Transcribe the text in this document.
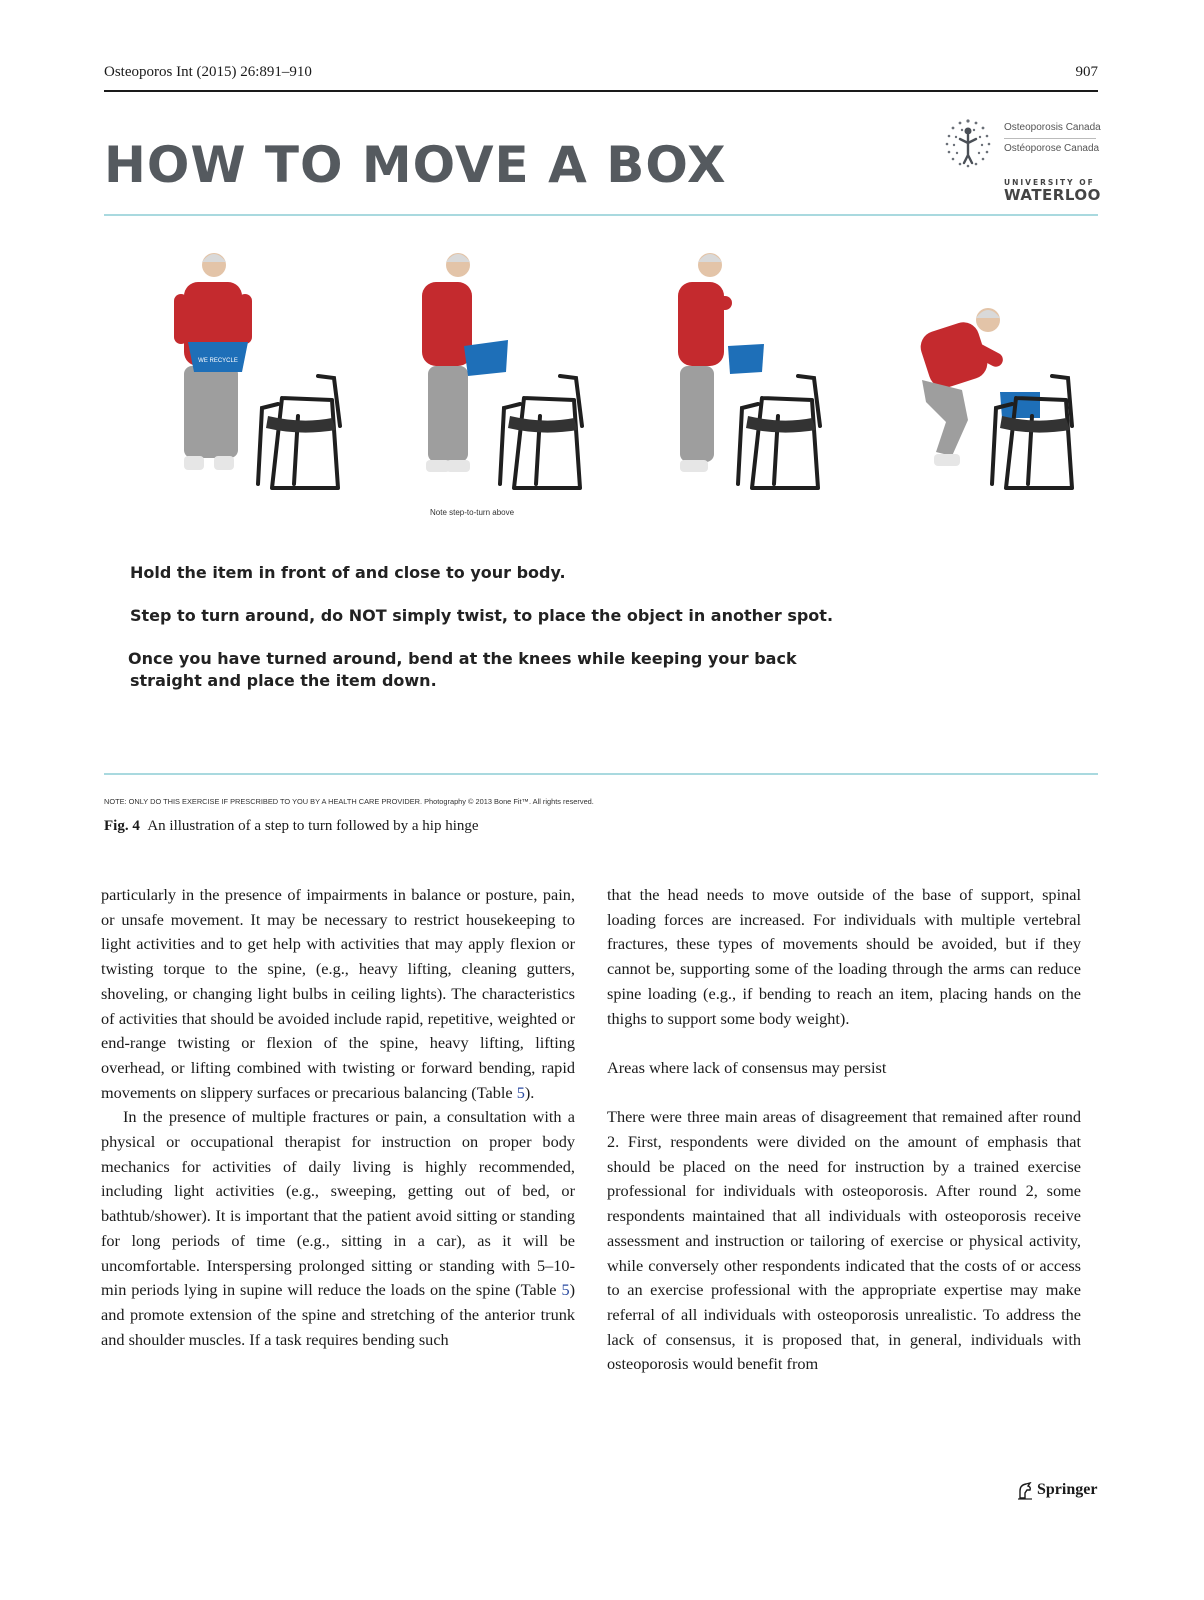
Osteoporos Int (2015) 26:891–910	907
HOW TO MOVE A BOX
Osteoporosis Canada
Ostéoporose Canada
UNIVERSITY OF
WATERLOO
WE RECYCLE
Note step-to-turn above
Hold the item in front of and close to your body.
Step to turn around, do NOT simply twist, to place the object in another spot.
Once you have turned around, bend at the knees while keeping your back
straight and place the item down.
NOTE: ONLY DO THIS EXERCISE IF PRESCRIBED TO YOU BY A HEALTH CARE PROVIDER. Photography © 2013 Bone Fit™. All rights reserved.
Fig. 4 An illustration of a step to turn followed by a hip hinge

particularly in the presence of impairments in balance or posture, pain, or unsafe movement. It may be necessary to restrict housekeeping to light activities and to get help with activities that may apply flexion or twisting torque to the spine, (e.g., heavy lifting, cleaning gutters, shoveling, or changing light bulbs in ceiling lights). The characteristics of activities that should be avoided include rapid, repetitive, weighted or end-range twisting or flexion of the spine, heavy lifting, lifting overhead, or lifting combined with twisting or forward bending, rapid movements on slippery surfaces or precarious balancing (Table 5).

In the presence of multiple fractures or pain, a consultation with a physical or occupational therapist for instruction on proper body mechanics for activities of daily living is highly recommended, including light activities (e.g., sweeping, getting out of bed, or bathtub/shower). It is important that the patient avoid sitting or standing for long periods of time (e.g., sitting in a car), as it will be uncomfortable. Interspersing prolonged sitting or standing with 5–10-min periods lying in supine will reduce the loads on the spine (Table 5) and promote extension of the spine and stretching of the anterior trunk and shoulder muscles. If a task requires bending such

that the head needs to move outside of the base of support, spinal loading forces are increased. For individuals with multiple vertebral fractures, these types of movements should be avoided, but if they cannot be, supporting some of the loading through the arms can reduce spine loading (e.g., if bending to reach an item, placing hands on the thighs to support some body weight).

Areas where lack of consensus may persist

There were three main areas of disagreement that remained after round 2. First, respondents were divided on the amount of emphasis that should be placed on the need for instruction by a trained exercise professional for individuals with osteoporosis. After round 2, some respondents maintained that all individuals with osteoporosis receive assessment and instruction or tailoring of exercise or physical activity, while conversely other respondents indicated that the costs of or access to an exercise professional with the appropriate expertise may make referral of all individuals with osteoporosis unrealistic. To address the lack of consensus, it is proposed that, in general, individuals with osteoporosis would benefit from

Springer
